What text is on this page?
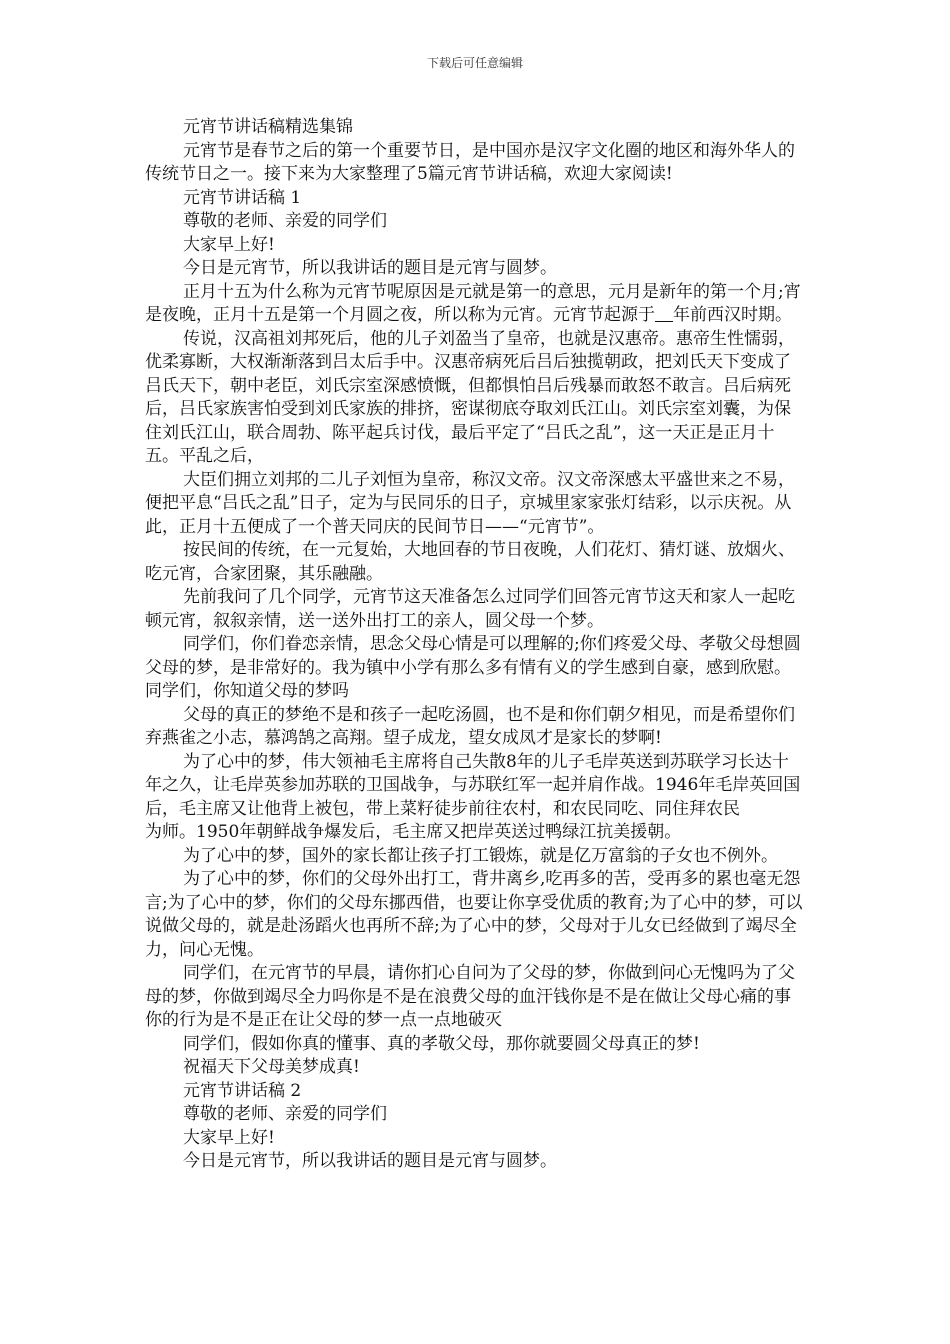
下载后可任意编辑

元宵节讲话稿精选集锦

元宵节是春节之后的第一个重要节日，是中国亦是汉字文化圈的地区和海外华人的传统节日之一。接下来为大家整理了5篇元宵节讲话稿，欢迎大家阅读!

元宵节讲话稿 1

尊敬的老师、亲爱的同学们

大家早上好!

今日是元宵节，所以我讲话的题目是元宵与圆梦。

正月十五为什么称为元宵节呢原因是元就是第一的意思，元月是新年的第一个月;宵是夜晚，正月十五是第一个月圆之夜，所以称为元宵。元宵节起源于 年前西汉时期。

传说，汉高祖刘邦死后，他的儿子刘盈当了皇帝，也就是汉惠帝。惠帝生性懦弱，优柔寡断，大权渐渐落到吕太后手中。汉惠帝病死后吕后独揽朝政，把刘氏天下变成了吕氏天下，朝中老臣，刘氏宗室深感愤慨，但都惧怕吕后残暴而敢怒不敢言。吕后病死后，吕氏家族害怕受到刘氏家族的排挤，密谋彻底夺取刘氏江山。刘氏宗室刘囊，为保住刘氏江山，联合周勃、陈平起兵讨伐，最后平定了“吕氏之乱”，这一天正是正月十五。平乱之后，

大臣们拥立刘邦的二儿子刘恒为皇帝，称汉文帝。汉文帝深感太平盛世来之不易，便把平息“吕氏之乱”日子，定为与民同乐的日子，京城里家家张灯结彩，以示庆祝。从此，正月十五便成了一个普天同庆的民间节日——“元宵节”。

按民间的传统，在一元复始，大地回春的节日夜晚，人们花灯、猜灯谜、放烟火、吃元宵，合家团聚，其乐融融。

先前我问了几个同学，元宵节这天准备怎么过同学们回答元宵节这天和家人一起吃顿元宵，叙叙亲情，送一送外出打工的亲人，圆父母一个梦。

同学们，你们眷恋亲情，思念父母心情是可以理解的;你们疼爱父母、孝敬父母想圆父母的梦，是非常好的。我为镇中小学有那么多有情有义的学生感到自豪，感到欣慰。同学们，你知道父母的梦吗

父母的真正的梦绝不是和孩子一起吃汤圆，也不是和你们朝夕相见，而是希望你们弃燕雀之小志，慕鸿鹄之高翔。望子成龙，望女成凤才是家长的梦啊!

为了心中的梦，伟大领袖毛主席将自己失散8年的儿子毛岸英送到苏联学习长达十年之久，让毛岸英参加苏联的卫国战争，与苏联红军一起并肩作战。1946年毛岸英回国后，毛主席又让他背上被包，带上菜籽徒步前往农村，和农民同吃、同住拜农民

为师。1950年朝鲜战争爆发后，毛主席又把岸英送过鸭绿江抗美援朝。

为了心中的梦，国外的家长都让孩子打工锻炼，就是亿万富翁的子女也不例外。

为了心中的梦，你们的父母外出打工，背井离乡,吃再多的苦，受再多的累也毫无怨言;为了心中的梦，你们的父母东挪西借，也要让你享受优质的教育;为了心中的梦，可以说做父母的，就是赴汤蹈火也再所不辞;为了心中的梦，父母对于儿女已经做到了竭尽全力，问心无愧。

同学们，在元宵节的早晨，请你扪心自问为了父母的梦，你做到问心无愧吗为了父母的梦，你做到竭尽全力吗你是不是在浪费父母的血汗钱你是不是在做让父母心痛的事你的行为是不是正在让父母的梦一点一点地破灭

同学们，假如你真的懂事、真的孝敬父母，那你就要圆父母真正的梦!

祝福天下父母美梦成真!

元宵节讲话稿 2

尊敬的老师、亲爱的同学们

大家早上好!

今日是元宵节，所以我讲话的题目是元宵与圆梦。
